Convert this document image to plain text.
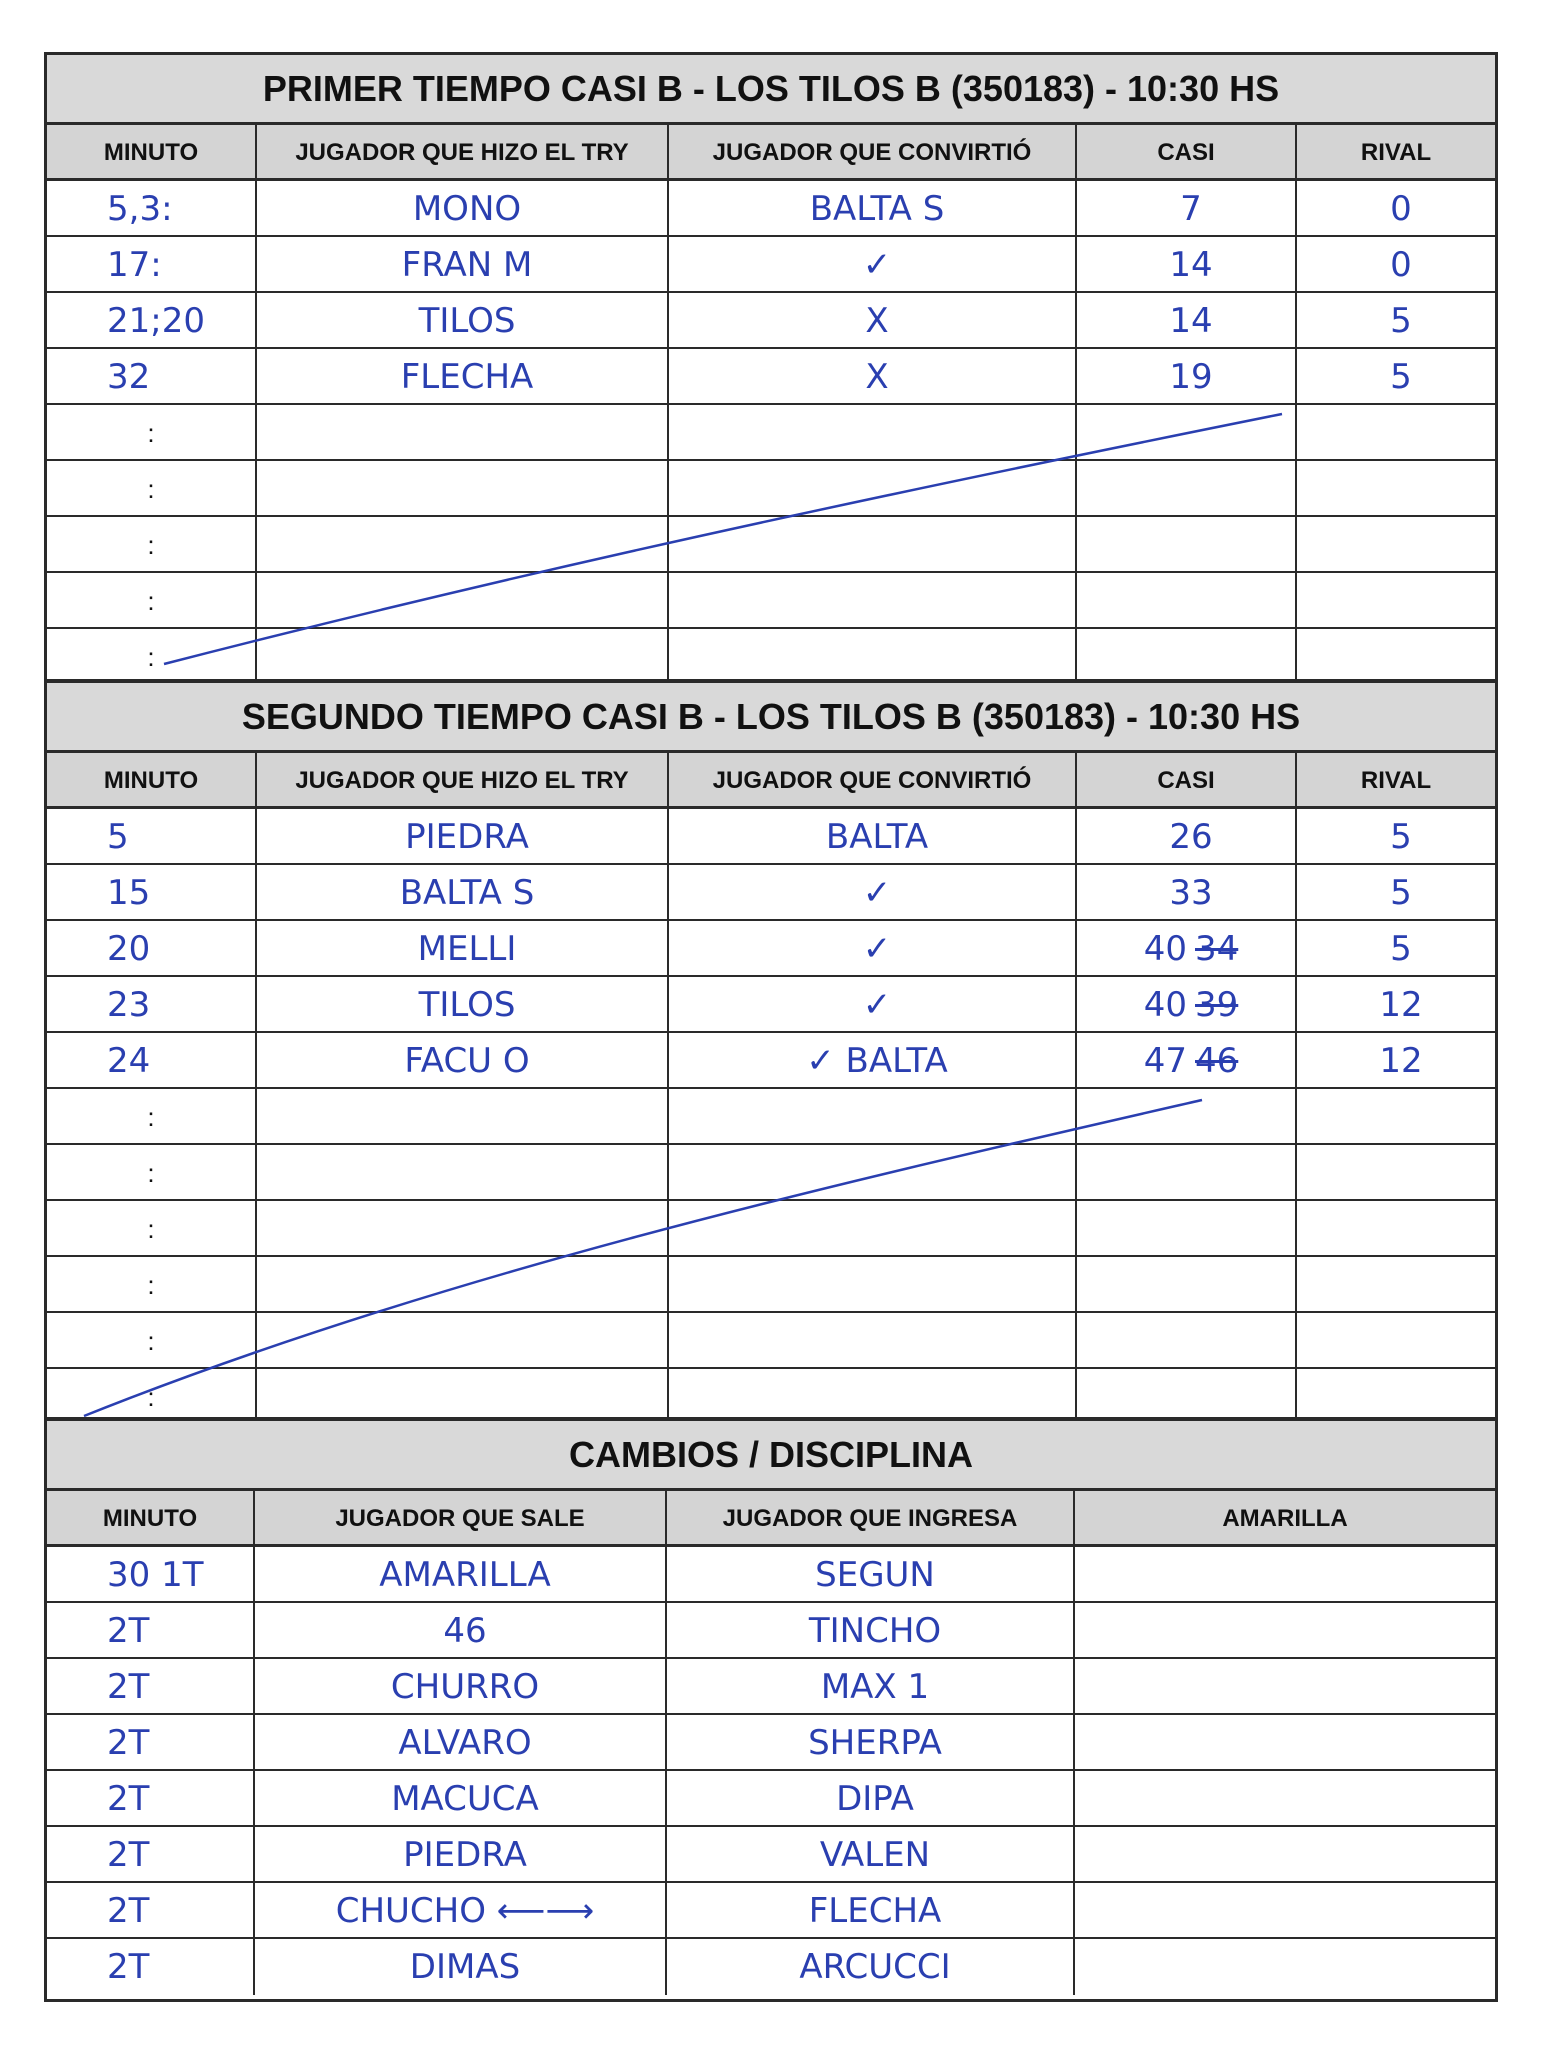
PRIMER TIEMPO CASI B - LOS TILOS B (350183) - 10:30 HS
MINUTO	JUGADOR QUE HIZO EL TRY	JUGADOR QUE CONVIRTIÓ	CASI	RIVAL
5,3:	MONO	BALTA S	7	0
17:	FRAN M	✓	14	0
21;20	TILOS	X	14	5
32	FLECHA	X	19	5
:
:
:
:
:
SEGUNDO TIEMPO CASI B - LOS TILOS B (350183) - 10:30 HS
MINUTO	JUGADOR QUE HIZO EL TRY	JUGADOR QUE CONVIRTIÓ	CASI	RIVAL
5	PIEDRA	BALTA	26	5
15	BALTA S	✓	33	5
20	MELLI	✓	40 34	5
23	TILOS	✓	40 39	12
24	FACU O	✓ BALTA	47 46	12
:
:
:
:
:
:
CAMBIOS / DISCIPLINA
MINUTO	JUGADOR QUE SALE	JUGADOR QUE INGRESA	AMARILLA
30 1T	AMARILLA	SEGUN
2T	46	TINCHO
2T	CHURRO	MAX 1
2T	ALVARO	SHERPA
2T	MACUCA	DIPA
2T	PIEDRA	VALEN
2T	CHUCHO ⟵⟶	FLECHA
2T	DIMAS	ARCUCCI
